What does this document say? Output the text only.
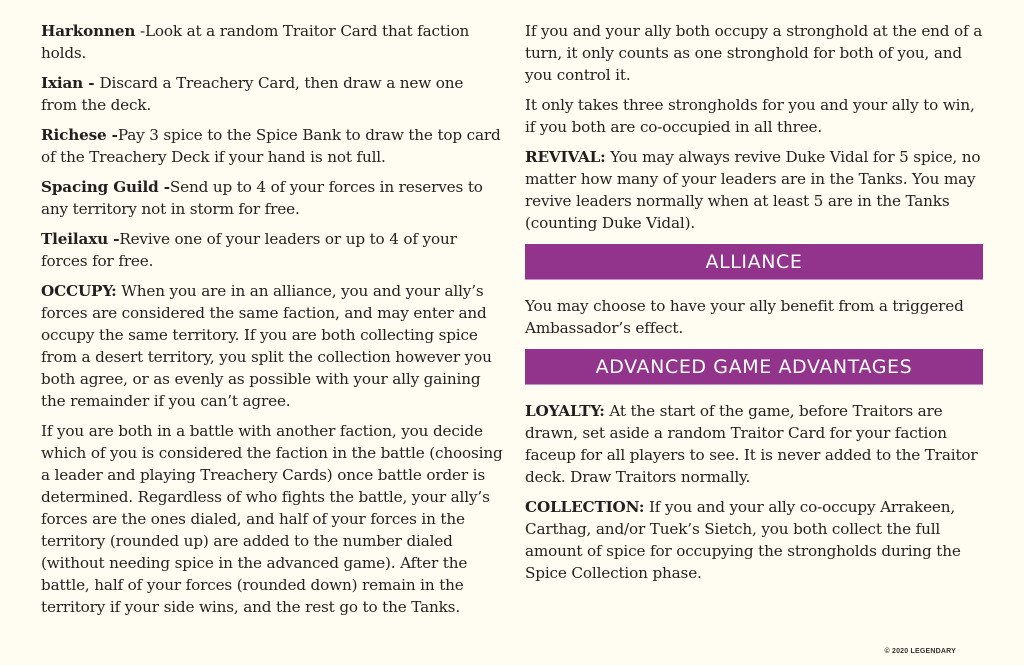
Harkonnen -Look at a random Traitor Card that faction holds.

Ixian - Discard a Treachery Card, then draw a new one from the deck.

Richese -Pay 3 spice to the Spice Bank to draw the top card of the Treachery Deck if your hand is not full.

Spacing Guild -Send up to 4 of your forces in reserves to any territory not in storm for free.

Tleilaxu -Revive one of your leaders or up to 4 of your forces for free.

OCCUPY: When you are in an alliance, you and your ally’s forces are considered the same faction, and may enter and occupy the same territory. If you are both collecting spice from a desert territory, you split the collection however you both agree, or as evenly as possible with your ally gaining the remainder if you can’t agree.

If you are both in a battle with another faction, you decide which of you is considered the faction in the battle (choosing a leader and playing Treachery Cards) once battle order is determined. Regardless of who fights the battle, your ally’s forces are the ones dialed, and half of your forces in the territory (rounded up) are added to the number dialed (without needing spice in the advanced game). After the battle, half of your forces (rounded down) remain in the territory if your side wins, and the rest go to the Tanks.

If you and your ally both occupy a stronghold at the end of a turn, it only counts as one stronghold for both of you, and you control it.

It only takes three strongholds for you and your ally to win, if you both are co-occupied in all three.

REVIVAL: You may always revive Duke Vidal for 5 spice, no matter how many of your leaders are in the Tanks. You may revive leaders normally when at least 5 are in the Tanks (counting Duke Vidal).

ALLIANCE

You may choose to have your ally benefit from a triggered Ambassador’s effect.

ADVANCED GAME ADVANTAGES

LOYALTY: At the start of the game, before Traitors are drawn, set aside a random Traitor Card for your faction faceup for all players to see. It is never added to the Traitor deck. Draw Traitors normally.

COLLECTION: If you and your ally co-occupy Arrakeen, Carthag, and/or Tuek’s Sietch, you both collect the full amount of spice for occupying the strongholds during the Spice Collection phase.

© 2020 LEGENDARY
